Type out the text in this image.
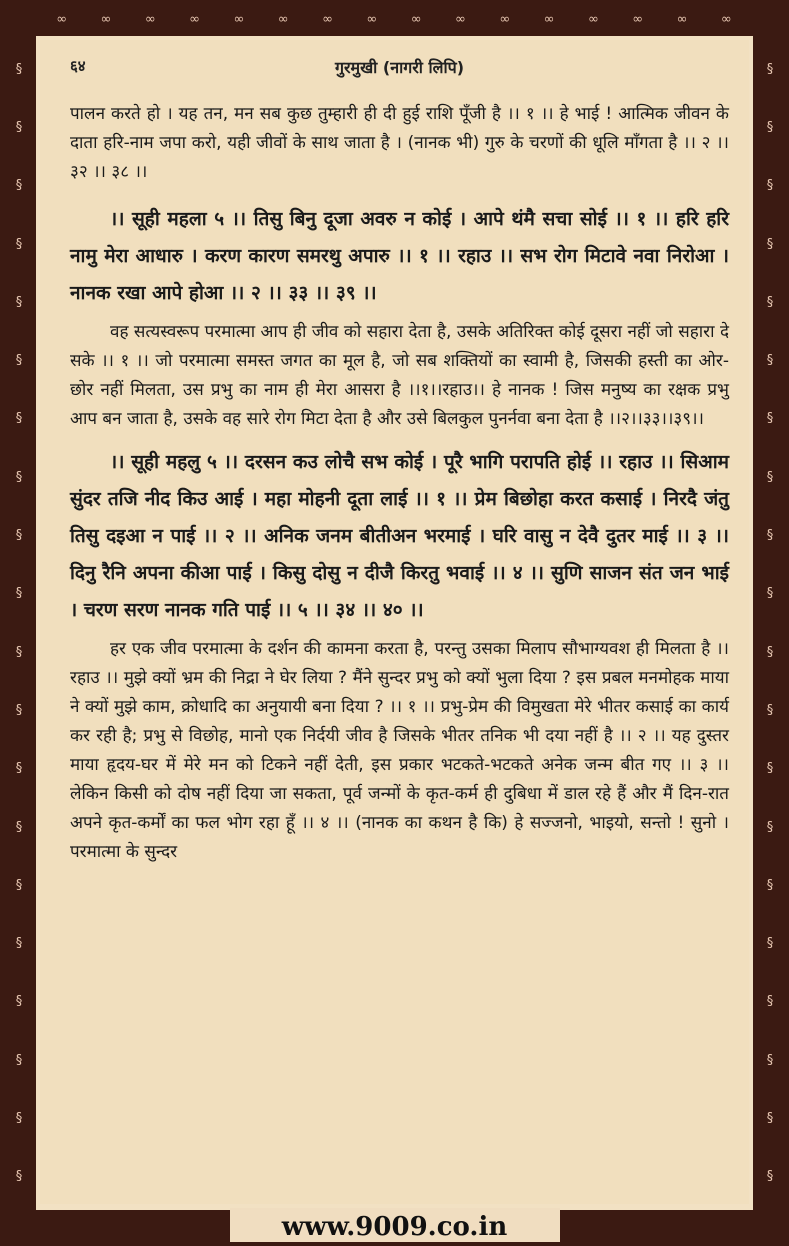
∞ ∞ ∞ ∞ ∞ ∞ ∞ ∞ ∞ ∞ ∞ ∞ ∞ ∞ ∞ ∞
§
§
§
§
§
§
§
§
§
§
§
§
§
§
§
§
§
§
§
§
§
§
§
§
§
§
§
§
§
§
§
§
§
§
§
§
§
§
§
§
६४	गुरमुखी (नागरी लिपि)

पालन करते हो । यह तन, मन सब कुछ तुम्हारी ही दी हुई राशि पूँजी है ।। १ ।। हे भाई ! आत्मिक जीवन के दाता हरि-नाम जपा करो, यही जीवों के साथ जाता है । (नानक भी) गुरु के चरणों की धूलि माँगता है ।। २ ।। ३२ ।। ३८ ।।

।। सूही महला ५ ।। तिसु बिनु दूजा अवरु न कोई । आपे थंमै सचा सोई ।। १ ।। हरि हरि नामु मेरा आधारु । करण कारण समरथु अपारु ।। १ ।। रहाउ ।। सभ रोग मिटावे नवा निरोआ । नानक रखा आपे होआ ।। २ ।। ३३ ।। ३९ ।।

वह सत्यस्वरूप परमात्मा आप ही जीव को सहारा देता है, उसके अतिरिक्त कोई दूसरा नहीं जो सहारा दे सके ।। १ ।। जो परमात्मा समस्त जगत का मूल है, जो सब शक्तियों का स्वामी है, जिसकी हस्ती का ओर-छोर नहीं मिलता, उस प्रभु का नाम ही मेरा आसरा है ।।१।।रहाउ।। हे नानक ! जिस मनुष्य का रक्षक प्रभु आप बन जाता है, उसके वह सारे रोग मिटा देता है और उसे बिलकुल पुनर्नवा बना देता है ।।२।।३३।।३९।।

।। सूही महलु ५ ।। दरसन कउ लोचै सभ कोई । पूरै भागि परापति होई ।। रहाउ ।। सिआम सुंदर तजि नीद किउ आई । महा मोहनी दूता लाई ।। १ ।। प्रेम बिछोहा करत कसाई । निरदै जंतु तिसु दइआ न पाई ।। २ ।। अनिक जनम बीतीअन भरमाई । घरि वासु न देवै दुतर माई ।। ३ ।। दिनु रैनि अपना कीआ पाई । किसु दोसु न दीजै किरतु भवाई ।। ४ ।। सुणि साजन संत जन भाई । चरण सरण नानक गति पाई ।। ५ ।। ३४ ।। ४० ।।

हर एक जीव परमात्मा के दर्शन की कामना करता है, परन्तु उसका मिलाप सौभाग्यवश ही मिलता है ।। रहाउ ।। मुझे क्यों भ्रम की निद्रा ने घेर लिया ? मैंने सुन्दर प्रभु को क्यों भुला दिया ? इस प्रबल मनमोहक माया ने क्यों मुझे काम, क्रोधादि का अनुयायी बना दिया ? ।। १ ।। प्रभु-प्रेम की विमुखता मेरे भीतर कसाई का कार्य कर रही है; प्रभु से विछोह, मानो एक निर्दयी जीव है जिसके भीतर तनिक भी दया नहीं है ।। २ ।। यह दुस्तर माया हृदय-घर में मेरे मन को टिकने नहीं देती, इस प्रकार भटकते-भटकते अनेक जन्म बीत गए ।। ३ ।। लेकिन किसी को दोष नहीं दिया जा सकता, पूर्व जन्मों के कृत-कर्म ही दुबिधा में डाल रहे हैं और मैं दिन-रात अपने कृत-कर्मों का फल भोग रहा हूँ ।। ४ ।। (नानक का कथन है कि) हे सज्जनो, भाइयो, सन्तो ! सुनो । परमात्मा के सुन्दर

www.9009.co.in
